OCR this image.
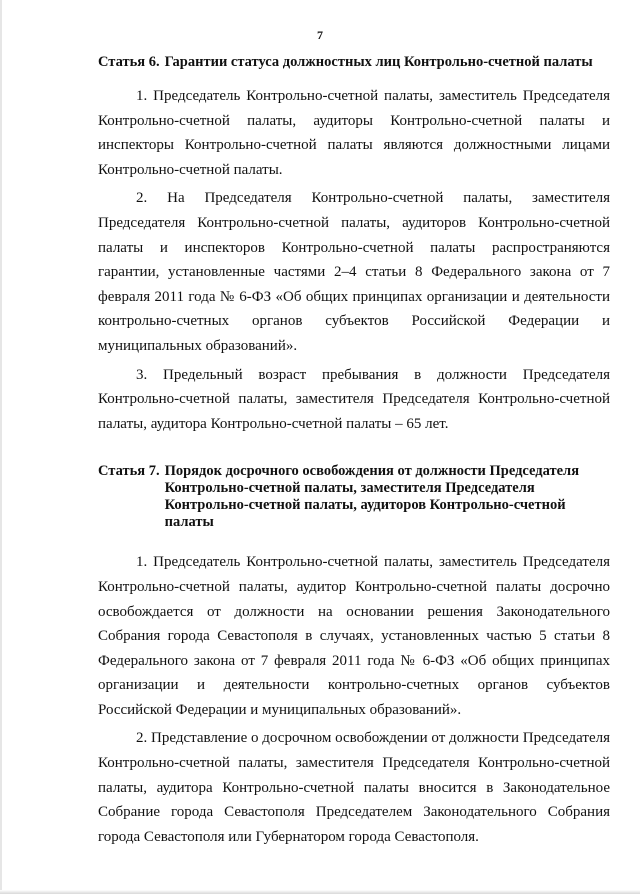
7
Статья 6. Гарантии статуса должностных лиц Контрольно-счетной палаты

1. Председатель Контрольно-счетной палаты, заместитель Председателя Контрольно-счетной палаты, аудиторы Контрольно-счетной палаты и инспекторы Контрольно-счетной палаты являются должностными лицами Контрольно-счетной палаты.

2. На Председателя Контрольно-счетной палаты, заместителя Председателя Контрольно-счетной палаты, аудиторов Контрольно-счетной палаты и инспекторов Контрольно-счетной палаты распространяются гарантии, установленные частями 2–4 статьи 8 Федерального закона от 7 февраля 2011 года № 6-ФЗ «Об общих принципах организации и деятельности контрольно-счетных органов субъектов Российской Федерации и муниципальных образований».

3. Предельный возраст пребывания в должности Председателя Контрольно-счетной палаты, заместителя Председателя Контрольно-счетной палаты, аудитора Контрольно-счетной палаты – 65 лет.

Статья 7. Порядок досрочного освобождения от должности Председателя Контрольно-счетной палаты, заместителя Председателя Контрольно-счетной палаты, аудиторов Контрольно-счетной палаты

1. Председатель Контрольно-счетной палаты, заместитель Председателя Контрольно-счетной палаты, аудитор Контрольно-счетной палаты досрочно освобождается от должности на основании решения Законодательного Собрания города Севастополя в случаях, установленных частью 5 статьи 8 Федерального закона от 7 февраля 2011 года № 6-ФЗ «Об общих принципах организации и деятельности контрольно-счетных органов субъектов Российской Федерации и муниципальных образований».

2. Представление о досрочном освобождении от должности Председателя Контрольно-счетной палаты, заместителя Председателя Контрольно-счетной палаты, аудитора Контрольно-счетной палаты вносится в Законодательное Собрание города Севастополя Председателем Законодательного Собрания города Севастополя или Губернатором города Севастополя.
